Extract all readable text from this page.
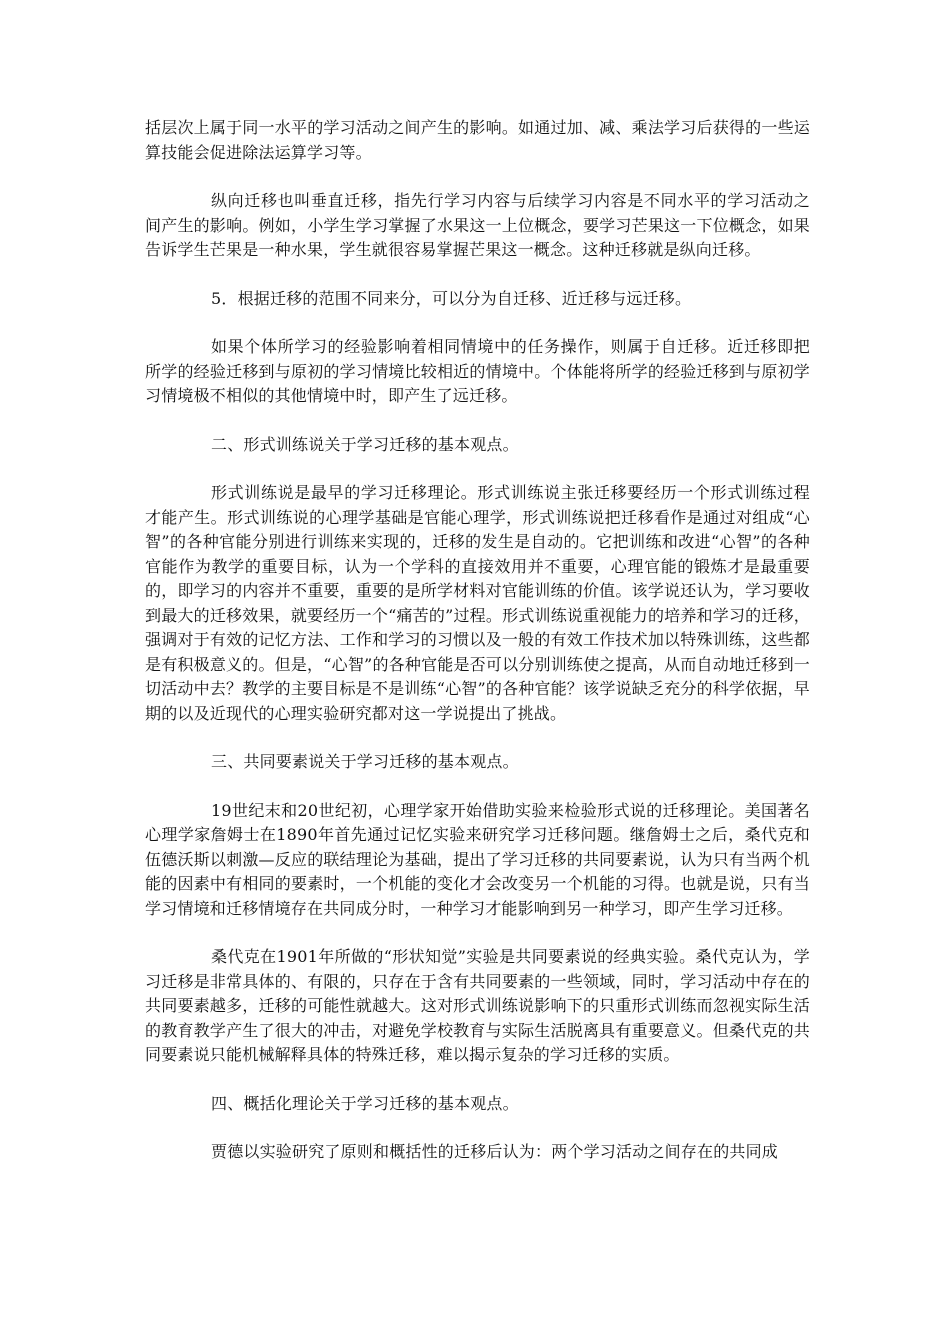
括层次上属于同一水平的学习活动之间产生的影响。如通过加、减、乘法学习后获得的一些运算技能会促进除法运算学习等。

纵向迁移也叫垂直迁移，指先行学习内容与后续学习内容是不同水平的学习活动之间产生的影响。例如，小学生学习掌握了水果这一上位概念，要学习芒果这一下位概念，如果告诉学生芒果是一种水果，学生就很容易掌握芒果这一概念。这种迁移就是纵向迁移。

5．根据迁移的范围不同来分，可以分为自迁移、近迁移与远迁移。

如果个体所学习的经验影响着相同情境中的任务操作，则属于自迁移。近迁移即把所学的经验迁移到与原初的学习情境比较相近的情境中。个体能将所学的经验迁移到与原初学习情境极不相似的其他情境中时，即产生了远迁移。

二、形式训练说关于学习迁移的基本观点。

形式训练说是最早的学习迁移理论。形式训练说主张迁移要经历一个形式训练过程才能产生。形式训练说的心理学基础是官能心理学，形式训练说把迁移看作是通过对组成“心智”的各种官能分别进行训练来实现的，迁移的发生是自动的。它把训练和改进“心智”的各种官能作为教学的重要目标，认为一个学科的直接效用并不重要，心理官能的锻炼才是最重要的，即学习的内容并不重要，重要的是所学材料对官能训练的价值。该学说还认为，学习要收到最大的迁移效果，就要经历一个“痛苦的”过程。形式训练说重视能力的培养和学习的迁移，强调对于有效的记忆方法、工作和学习的习惯以及一般的有效工作技术加以特殊训练，这些都是有积极意义的。但是，“心智”的各种官能是否可以分别训练使之提高，从而自动地迁移到一切活动中去？教学的主要目标是不是训练“心智”的各种官能？该学说缺乏充分的科学依据，早期的以及近现代的心理实验研究都对这一学说提出了挑战。

三、共同要素说关于学习迁移的基本观点。

19世纪末和20世纪初，心理学家开始借助实验来检验形式说的迁移理论。美国著名心理学家詹姆士在1890年首先通过记忆实验来研究学习迁移问题。继詹姆士之后，桑代克和伍德沃斯以刺激—反应的联结理论为基础，提出了学习迁移的共同要素说，认为只有当两个机能的因素中有相同的要素时，一个机能的变化才会改变另一个机能的习得。也就是说，只有当学习情境和迁移情境存在共同成分时，一种学习才能影响到另一种学习，即产生学习迁移。

桑代克在1901年所做的“形状知觉”实验是共同要素说的经典实验。桑代克认为，学习迁移是非常具体的、有限的，只存在于含有共同要素的一些领域，同时，学习活动中存在的共同要素越多，迁移的可能性就越大。这对形式训练说影响下的只重形式训练而忽视实际生活的教育教学产生了很大的冲击，对避免学校教育与实际生活脱离具有重要意义。但桑代克的共同要素说只能机械解释具体的特殊迁移，难以揭示复杂的学习迁移的实质。

四、概括化理论关于学习迁移的基本观点。

贾德以实验研究了原则和概括性的迁移后认为：两个学习活动之间存在的共同成
